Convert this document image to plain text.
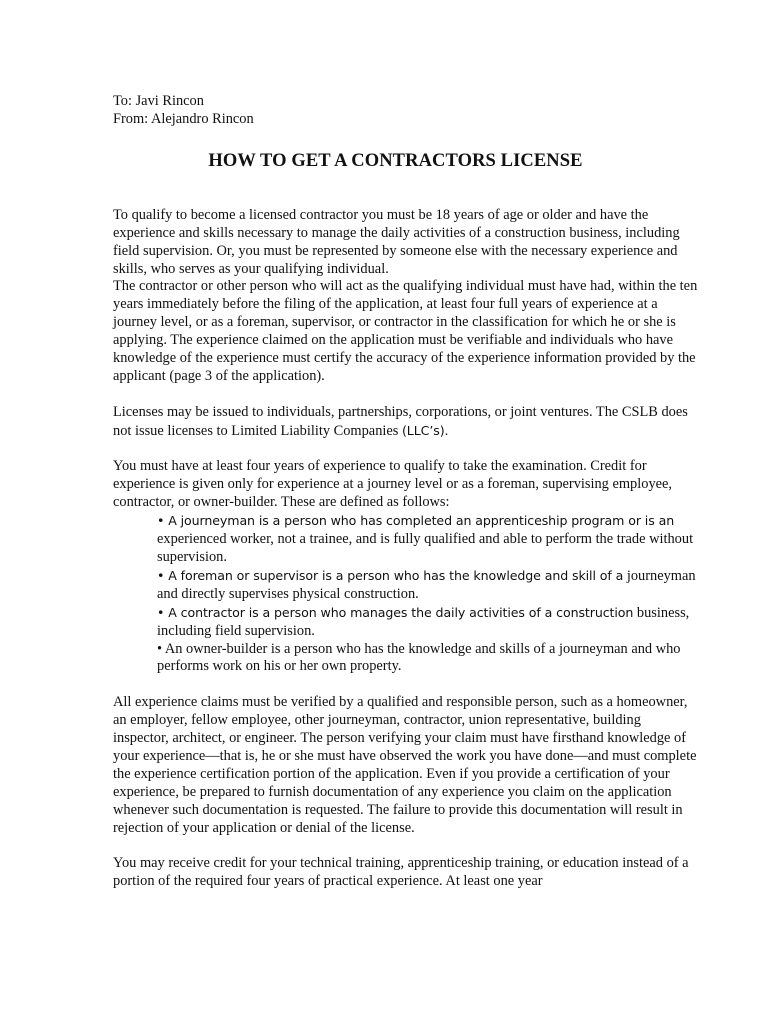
To: Javi Rincon

From: Alejandro Rincon

HOW TO GET A CONTRACTORS LICENSE

To qualify to become a licensed contractor you must be 18 years of age or older and have the experience and skills necessary to manage the daily activities of a construction business, including field supervision. Or, you must be represented by someone else with the necessary experience and skills, who serves as your qualifying individual.

The contractor or other person who will act as the qualifying individual must have had, within the ten years immediately before the filing of the application, at least four full years of experience at a journey level, or as a foreman, supervisor, or contractor in the classification for which he or she is applying. The experience claimed on the application must be verifiable and individuals who have knowledge of the experience must certify the accuracy of the experience information provided by the applicant (page 3 of the application).

Licenses may be issued to individuals, partnerships, corporations, or joint ventures. The CSLB does not issue licenses to Limited Liability Companies (LLC’s).

You must have at least four years of experience to qualify to take the examination. Credit for experience is given only for experience at a journey level or as a foreman, supervising employee, contractor, or owner-builder. These are defined as follows:

• A journeyman is a person who has completed an apprenticeship program or is an experienced worker, not a trainee, and is fully qualified and able to perform the trade without supervision.
• A foreman or supervisor is a person who has the knowledge and skill of a journeyman and directly supervises physical construction.
• A contractor is a person who manages the daily activities of a construction business, including field supervision.
• An owner-builder is a person who has the knowledge and skills of a journeyman and who performs work on his or her own property.

All experience claims must be verified by a qualified and responsible person, such as a homeowner, an employer, fellow employee, other journeyman, contractor, union representative, building inspector, architect, or engineer. The person verifying your claim must have firsthand knowledge of your experience—that is, he or she must have observed the work you have done—and must complete the experience certification portion of the application. Even if you provide a certification of your experience, be prepared to furnish documentation of any experience you claim on the application whenever such documentation is requested. The failure to provide this documentation will result in rejection of your application or denial of the license.

You may receive credit for your technical training, apprenticeship training, or education instead of a portion of the required four years of practical experience. At least one year
